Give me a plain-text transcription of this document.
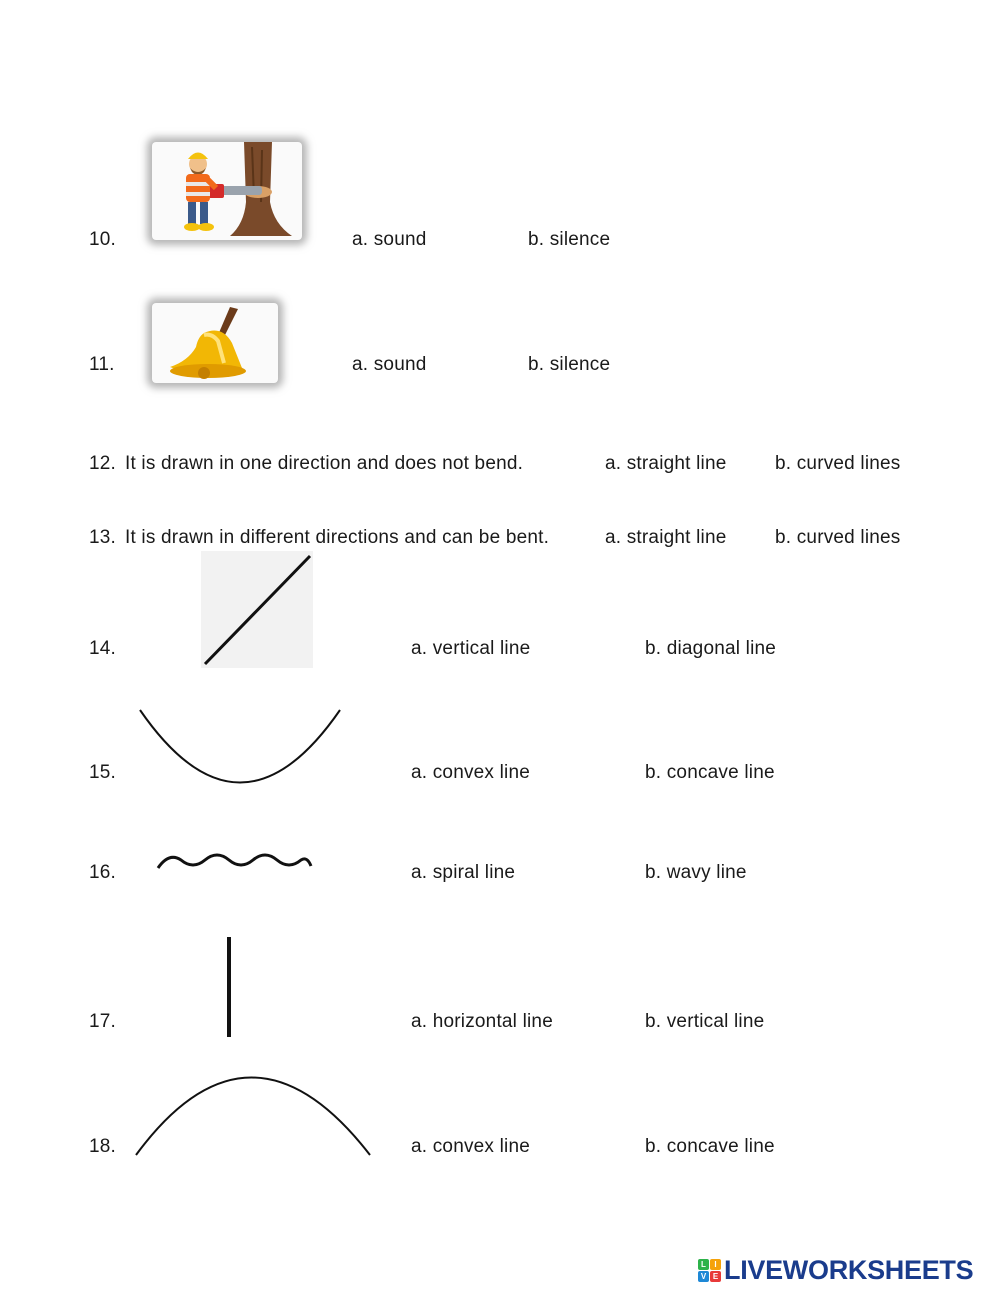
10.	a. sound	b. silence
11.	a. sound	b. silence
12. It is drawn in one direction and does not bend.	a. straight line	b. curved lines
13. It is drawn in different directions and can be bent.	a. straight line	b. curved lines
14.	a. vertical line	b. diagonal line
15.	a. convex line	b. concave line
16.	a. spiral line	b. wavy line
17.	a. horizontal line	b. vertical line
18.	a. convex line	b. concave line
L	I
V E LIVEWORKSHEETS
